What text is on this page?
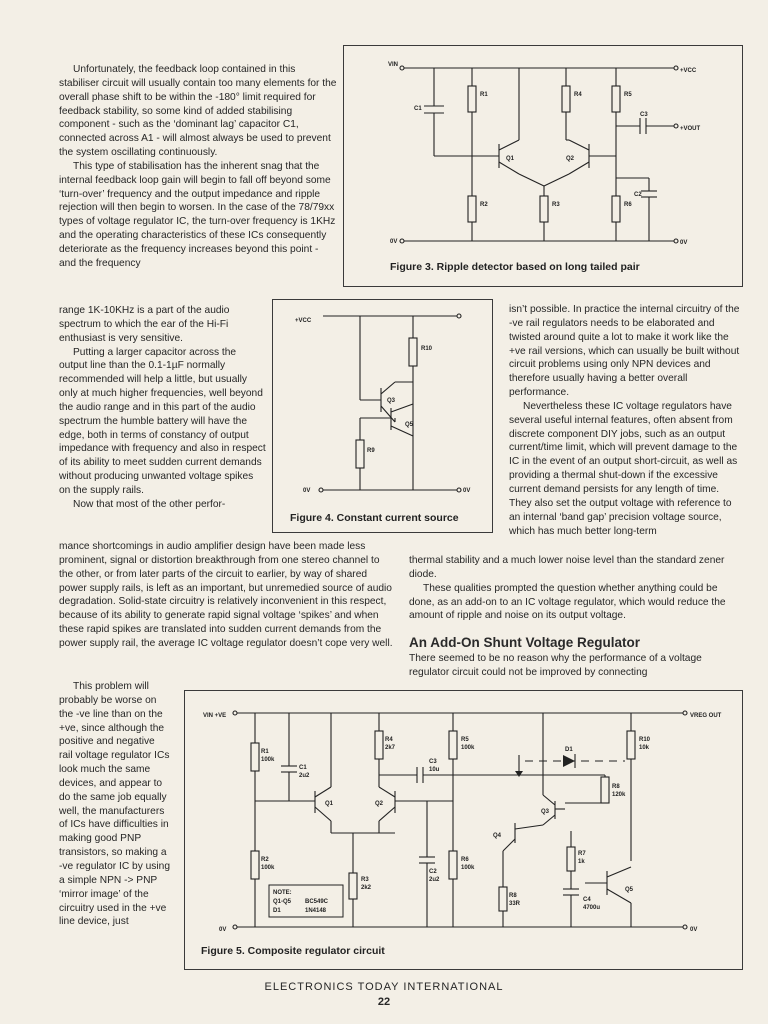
Unfortunately, the feedback loop contained in this stabiliser circuit will usually contain too many elements for the overall phase shift to be within the -180° limit required for feedback stability, so some kind of added stabilising component - such as the ‘dominant lag’ capacitor C1, connected across A1 - will almost always be used to prevent the system oscillating continuously.

This type of stabilisation has the inherent snag that the internal feedback loop gain will begin to fall off beyond some ‘turn-over’ frequency and the output impedance and ripple rejection will then begin to worsen. In the case of the 78/79xx types of voltage regulator IC, the turn-over frequency is 1KHz and the operating characteristics of these ICs consequently deteriorate as the frequency increases beyond this point - and the frequency

range 1K-10KHz is a part of the audio spectrum to which the ear of the Hi-Fi enthusiast is very sensitive.

Putting a larger capacitor across the output line than the 0.1-1µF normally recommended will help a little, but usually only at much higher frequencies, well beyond the audio range and in this part of the audio spectrum the humble battery will have the edge, both in terms of constancy of output impedance with frequency and also in respect of its ability to meet sudden current demands without producing unwanted voltage spikes on the supply rails.

Now that most of the other perfor-

mance shortcomings in audio amplifier design have been made less prominent, signal or distortion breakthrough from one stereo channel to the other, or from later parts of the circuit to earlier, by way of shared power supply rails, is left as an important, but unremedied source of audio degradation. Solid-state circuitry is relatively inconvenient in this respect, because of its ability to generate rapid signal voltage ‘spikes’ and when these rapid spikes are translated into sudden current demands from the power supply rail, the average IC voltage regulator doesn’t cope very well.

This problem will probably be worse on the -ve line than on the +ve, since although the positive and negative rail voltage regulator ICs look much the same devices, and appear to do the same job equally well, the manufacturers of ICs have difficulties in making good PNP transistors, so making a -ve regulator IC by using a simple NPN -> PNP ‘mirror image’ of the circuitry used in the +ve line device, just

isn’t possible. In practice the internal circuitry of the -ve rail regulators needs to be elaborated and twisted around quite a lot to make it work like the +ve rail versions, which can usually be built without circuit problems using only NPN devices and therefore usually having a better overall performance.

Nevertheless these IC voltage regulators have several useful internal features, often absent from discrete component DIY jobs, such as an output current/time limit, which will prevent damage to the IC in the event of an output short-circuit, as well as providing a thermal shut-down if the excessive current demand persists for any length of time. They also set the output voltage with reference to an internal ‘band gap’ precision voltage source, which has much better long-term

thermal stability and a much lower noise level than the standard zener diode.

These qualities prompted the question whether anything could be done, as an add-on to an IC voltage regulator, which would reduce the amount of ripple and noise on its output voltage.

An Add-On Shunt Voltage Regulator

There seemed to be no reason why the performance of a voltage regulator circuit could not be improved by connecting

VIN
+VCC
+VOUT
0V	0V
R1
R2	R3
R4	R5
R6
C1
C2
C3
Q1	Q2
Figure 3. Ripple detector based on long tailed pair
+VCC
R10
R9
Q3
Q5
0V	0V
Figure 4. Constant current source
NOTE:
Q1-Q5 BC549C
D1	1N4148
VIN +VE	VREG OUT
0V	0V
R1
100k
C1
2u2
R2
100k
R3
2k2
R4
2k7
C3
10u
R5
100k
C2
2u2
R6
100k
D1
R8
120k
R10
10k
R7
1k
R8
33R
C4
4700u
Q1	Q2
Q3
Q4
Q5
Figure 5. Composite regulator circuit
ELECTRONICS TODAY INTERNATIONAL
22
